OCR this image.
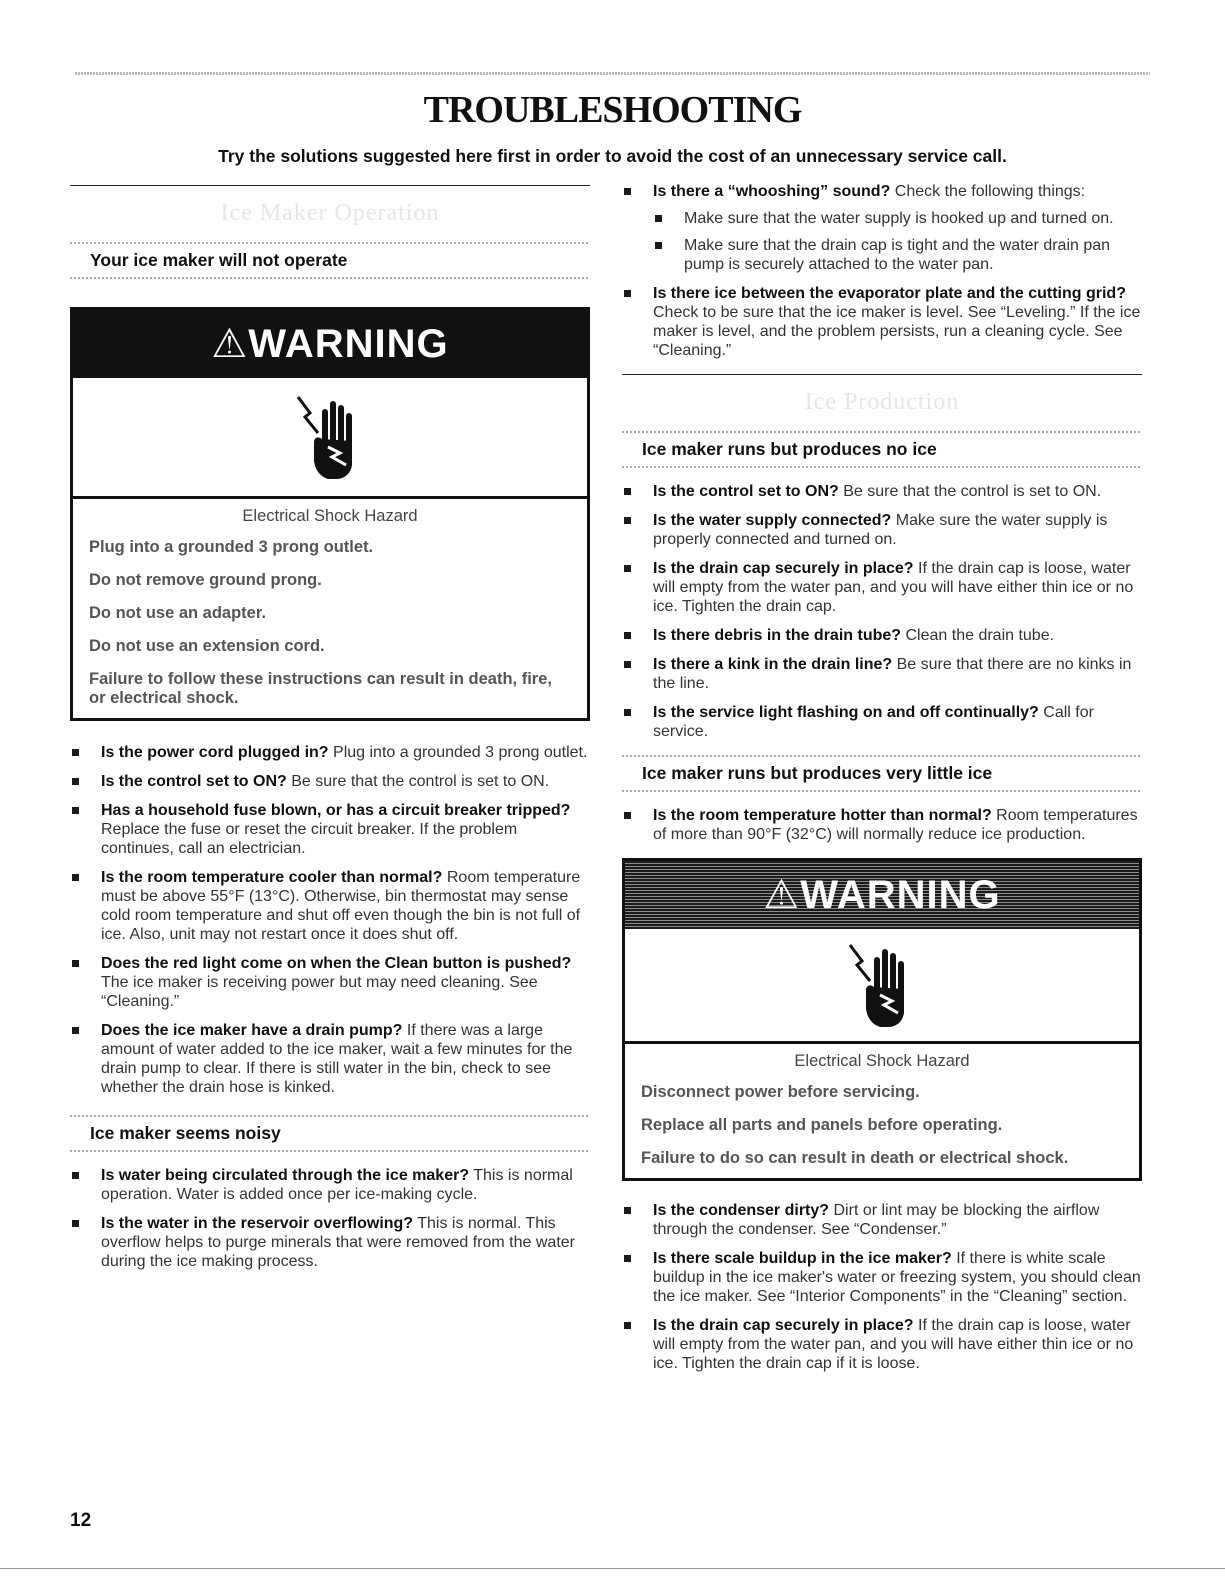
TROUBLESHOOTING
Try the solutions suggested here first in order to avoid the cost of an unnecessary service call.
Ice Maker Operation
Your ice maker will not operate
⚠WARNING
Electrical Shock Hazard

Plug into a grounded 3 prong outlet.

Do not remove ground prong.

Do not use an adapter.

Do not use an extension cord.

Failure to follow these instructions can result in death, fire, or electrical shock.

Is the power cord plugged in? Plug into a grounded 3 prong outlet.
Is the control set to ON? Be sure that the control is set to ON.
Has a household fuse blown, or has a circuit breaker tripped? Replace the fuse or reset the circuit breaker. If the problem continues, call an electrician.
Is the room temperature cooler than normal? Room temperature must be above 55°F (13°C). Otherwise, bin thermostat may sense cold room temperature and shut off even though the bin is not full of ice. Also, unit may not restart once it does shut off.
Does the red light come on when the Clean button is pushed? The ice maker is receiving power but may need cleaning. See “Cleaning.”
Does the ice maker have a drain pump? If there was a large amount of water added to the ice maker, wait a few minutes for the drain pump to clear. If there is still water in the bin, check to see whether the drain hose is kinked.
Ice maker seems noisy
Is water being circulated through the ice maker? This is normal operation. Water is added once per ice-making cycle.
Is the water in the reservoir overflowing? This is normal. This overflow helps to purge minerals that were removed from the water during the ice making process.
Is there a “whooshing” sound? Check the following things:
Make sure that the water supply is hooked up and turned on.
Make sure that the drain cap is tight and the water drain pan pump is securely attached to the water pan.
Is there ice between the evaporator plate and the cutting grid? Check to be sure that the ice maker is level. See “Leveling.” If the ice maker is level, and the problem persists, run a cleaning cycle. See “Cleaning.”
Ice Production
Ice maker runs but produces no ice
Is the control set to ON? Be sure that the control is set to ON.
Is the water supply connected? Make sure the water supply is properly connected and turned on.
Is the drain cap securely in place? If the drain cap is loose, water will empty from the water pan, and you will have either thin ice or no ice. Tighten the drain cap.
Is there debris in the drain tube? Clean the drain tube.
Is there a kink in the drain line? Be sure that there are no kinks in the line.
Is the service light flashing on and off continually? Call for service.
Ice maker runs but produces very little ice
Is the room temperature hotter than normal? Room temperatures of more than 90°F (32°C) will normally reduce ice production.
⚠WARNING
Electrical Shock Hazard

Disconnect power before servicing.

Replace all parts and panels before operating.

Failure to do so can result in death or electrical shock.

Is the condenser dirty? Dirt or lint may be blocking the airflow through the condenser. See “Condenser.”
Is there scale buildup in the ice maker? If there is white scale buildup in the ice maker's water or freezing system, you should clean the ice maker. See “Interior Components” in the “Cleaning” section.
Is the drain cap securely in place? If the drain cap is loose, water will empty from the water pan, and you will have either thin ice or no ice. Tighten the drain cap if it is loose.
12
